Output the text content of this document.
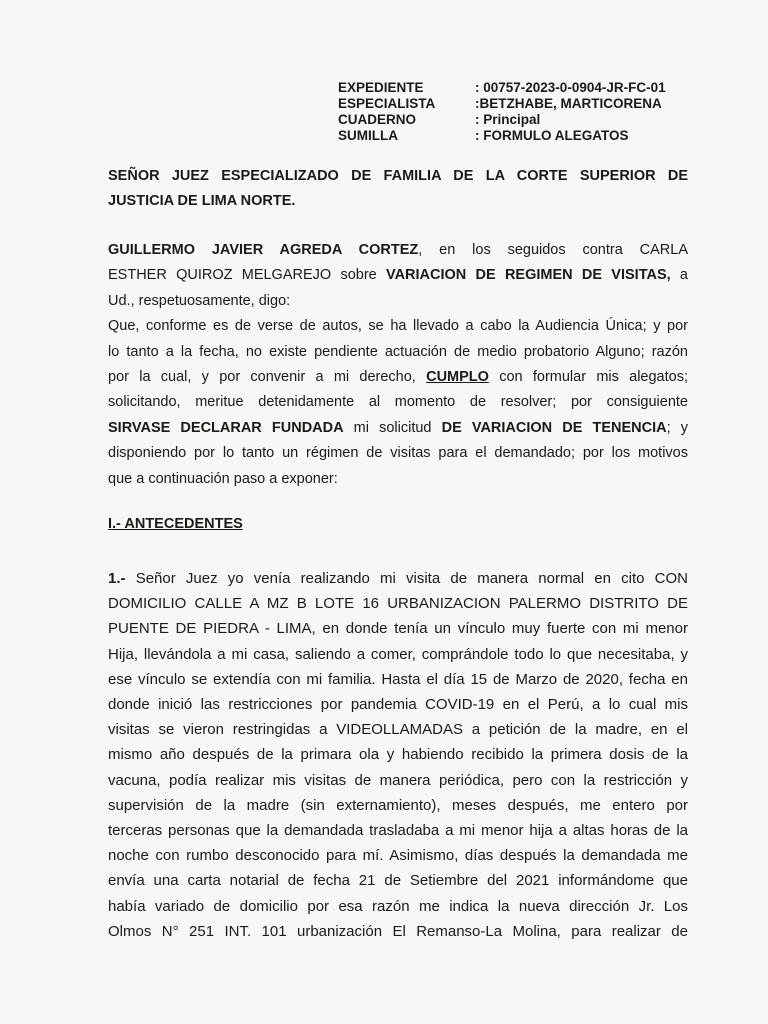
EXPEDIENTE	: 00757-2023-0-0904-JR-FC-01
ESPECIALISTA	:BETZHABE, MARTICORENA
CUADERNO	: Principal
SUMILLA	: FORMULO ALEGATOS
SEÑOR JUEZ ESPECIALIZADO DE FAMILIA DE LA CORTE SUPERIOR DE
JUSTICIA DE LIMA NORTE.
GUILLERMO JAVIER AGREDA CORTEZ, en los seguidos contra CARLA
ESTHER QUIROZ MELGAREJO sobre VARIACION DE REGIMEN DE VISITAS, a
Ud., respetuosamente, digo:
Que, conforme es de verse de autos, se ha llevado a cabo la Audiencia Única; y por
lo tanto a la fecha, no existe pendiente actuación de medio probatorio Alguno; razón
por la cual, y por convenir a mi derecho, CUMPLO con formular mis alegatos;
solicitando, meritue detenidamente al momento de resolver; por consiguiente
SIRVASE DECLARAR FUNDADA mi solicitud DE VARIACION DE TENENCIA; y
disponiendo por lo tanto un régimen de visitas para el demandado; por los motivos
que a continuación paso a exponer:
I.- ANTECEDENTES
1.- Señor Juez yo venía realizando mi visita de manera normal en cito CON
DOMICILIO CALLE A MZ B LOTE 16 URBANIZACION PALERMO DISTRITO DE
PUENTE DE PIEDRA - LIMA, en donde tenía un vínculo muy fuerte con mi menor
Hija, llevándola a mi casa, saliendo a comer, comprándole todo lo que necesitaba, y
ese vínculo se extendía con mi familia. Hasta el día 15 de Marzo de 2020, fecha en
donde inició las restricciones por pandemia COVID-19 en el Perú, a lo cual mis
visitas se vieron restringidas a VIDEOLLAMADAS a petición de la madre, en el
mismo año después de la primara ola y habiendo recibido la primera dosis de la
vacuna, podía realizar mis visitas de manera periódica, pero con la restricción y
supervisión de la madre (sin externamiento), meses después, me entero por
terceras personas que la demandada trasladaba a mi menor hija a altas horas de la
noche con rumbo desconocido para mí. Asimismo, días después la demandada me
envía una carta notarial de fecha 21 de Setiembre del 2021 informándome que
había variado de domicilio por esa razón me indica la nueva dirección Jr. Los
Olmos N° 251 INT. 101 urbanización El Remanso-La Molina, para realizar de
